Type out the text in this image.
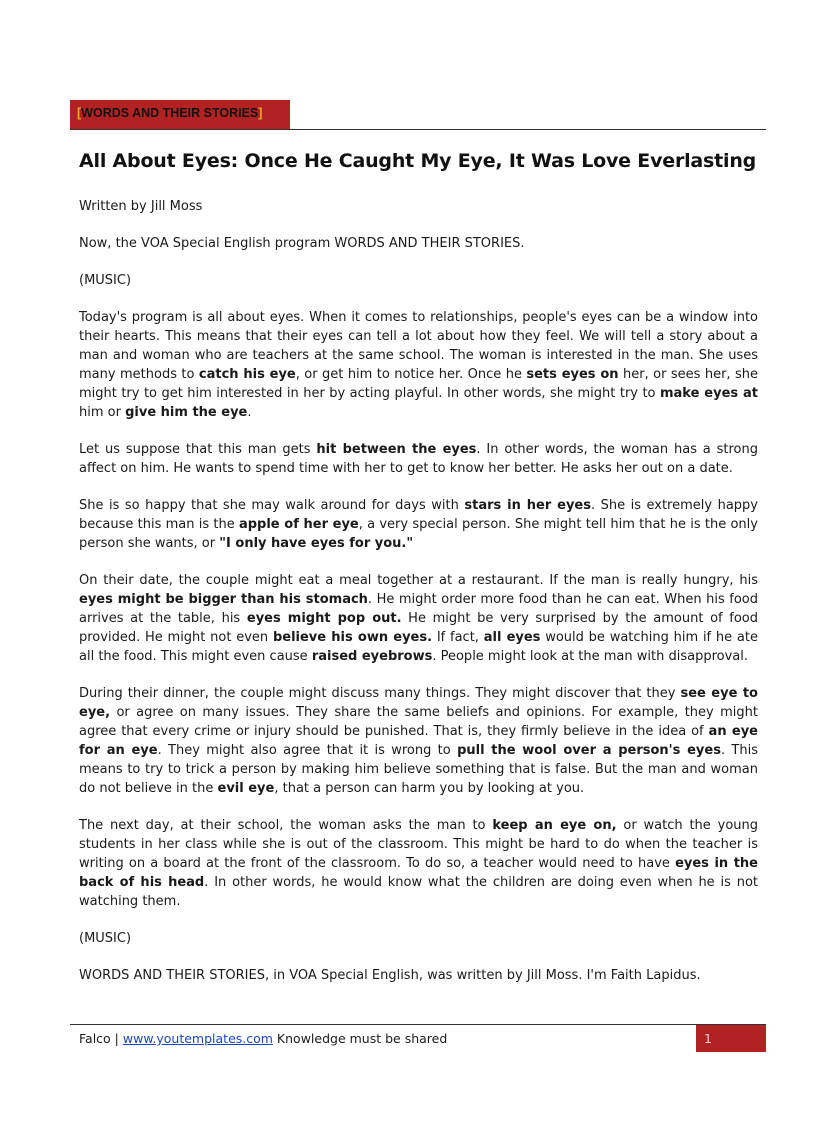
[WORDS AND THEIR STORIES]
All About Eyes: Once He Caught My Eye, It Was Love Everlasting

Written by Jill Moss

Now, the VOA Special English program WORDS AND THEIR STORIES.

(MUSIC)

Today's program is all about eyes. When it comes to relationships, people's eyes can be a window into their hearts. This means that their eyes can tell a lot about how they feel. We will tell a story about a man and woman who are teachers at the same school. The woman is interested in the man. She uses many methods to catch his eye, or get him to notice her. Once he sets eyes on her, or sees her, she might try to get him interested in her by acting playful. In other words, she might try to make eyes at him or give him the eye.

Let us suppose that this man gets hit between the eyes. In other words, the woman has a strong affect on him. He wants to spend time with her to get to know her better. He asks her out on a date.

She is so happy that she may walk around for days with stars in her eyes. She is extremely happy because this man is the apple of her eye, a very special person. She might tell him that he is the only person she wants, or "I only have eyes for you."

On their date, the couple might eat a meal together at a restaurant. If the man is really hungry, his eyes might be bigger than his stomach. He might order more food than he can eat. When his food arrives at the table, his eyes might pop out. He might be very surprised by the amount of food provided. He might not even believe his own eyes. If fact, all eyes would be watching him if he ate all the food. This might even cause raised eyebrows. People might look at the man with disapproval.

During their dinner, the couple might discuss many things. They might discover that they see eye to eye, or agree on many issues. They share the same beliefs and opinions. For example, they might agree that every crime or injury should be punished. That is, they firmly believe in the idea of an eye for an eye. They might also agree that it is wrong to pull the wool over a person's eyes. This means to try to trick a person by making him believe something that is false. But the man and woman do not believe in the evil eye, that a person can harm you by looking at you.

The next day, at their school, the woman asks the man to keep an eye on, or watch the young students in her class while she is out of the classroom. This might be hard to do when the teacher is writing on a board at the front of the classroom. To do so, a teacher would need to have eyes in the back of his head. In other words, he would know what the children are doing even when he is not watching them.

(MUSIC)

WORDS AND THEIR STORIES, in VOA Special English, was written by Jill Moss. I'm Faith Lapidus.

Falco | www.youtemplates.com Knowledge must be shared	1
